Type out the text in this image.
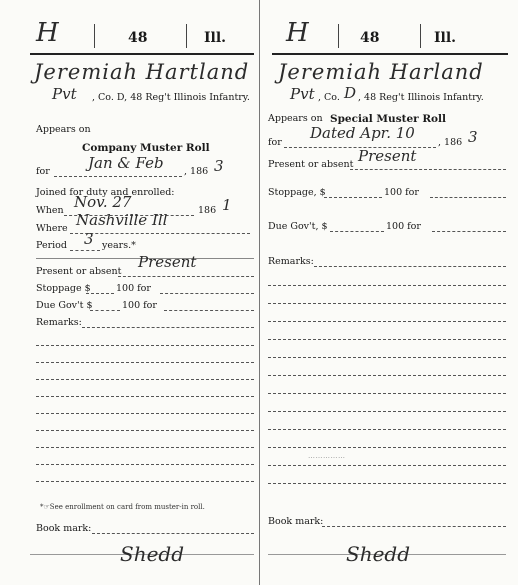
H	48	Ill.
Jeremiah Hartland
Pvt , Co. D, 48 Reg't Illinois Infantry.
Appears on
Company Muster Roll
for	Jan & Feb , 186 3
Joined for duty and enrolled:
When Nov. 27	186 1
Where Nashville Ill
Period 3 years.*
Present or absent
Present
Stoppage $	100 for
Due Gov't $	100 for
Remarks:
*☞See enrollment on card from muster-in roll.
Book mark:
Shedd
H	48	Ill.
Jeremiah Harland
Pvt , Co. D , 48 Reg't Illinois Infantry.
Appears on Special Muster Roll
for
Dated Apr. 10
, 186 3
Present or absent Present
Stoppage, $	100 for
Due Gov't, $	100 for
Remarks:
……………
Book mark:
Shedd
